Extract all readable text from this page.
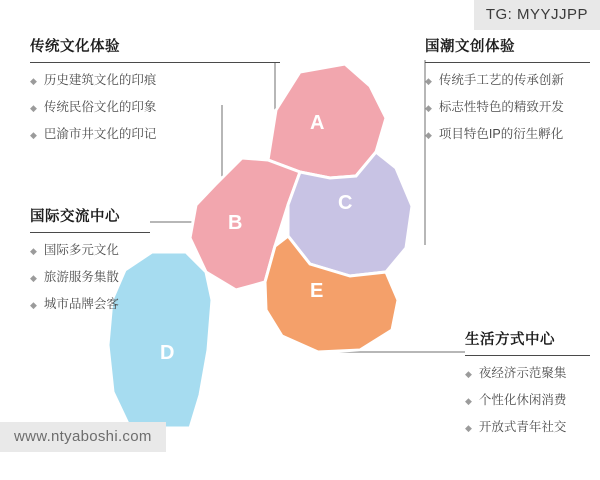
A
B
C
D
E
传统文化体验
◆ 历史建筑文化的印痕
◆ 传统民俗文化的印象
◆ 巴渝市井文化的印记
国际交流中心
◆ 国际多元文化
◆ 旅游服务集散
◆ 城市品牌会客
国潮文创体验
◆ 传统手工艺的传承创新
◆ 标志性特色的精致开发
◆ 项目特色IP的衍生孵化
生活方式中心
◆ 夜经济示范聚集
◆ 个性化休闲消费
◆ 开放式青年社交
TG: MYYJJPP
www.ntyaboshi.com
